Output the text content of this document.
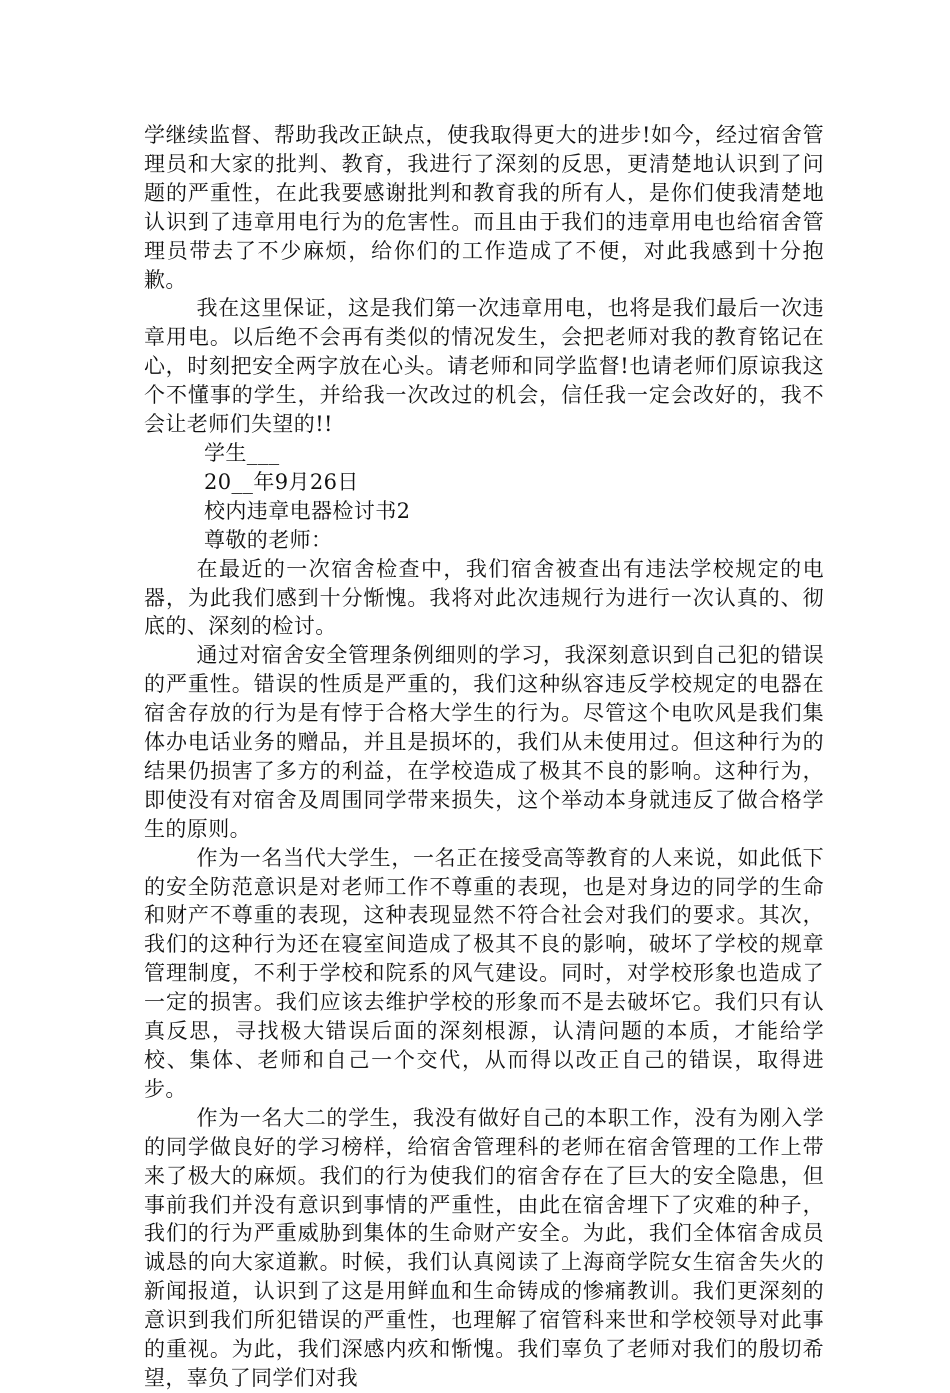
学继续监督、帮助我改正缺点，使我取得更大的进步!如今，经过宿舍管理员和大家的批判、教育，我进行了深刻的反思，更清楚地认识到了问题的严重性，在此我要感谢批判和教育我的所有人，是你们使我清楚地认识到了违章用电行为的危害性。而且由于我们的违章用电也给宿舍管理员带去了不少麻烦，给你们的工作造成了不便，对此我感到十分抱歉。

我在这里保证，这是我们第一次违章用电，也将是我们最后一次违章用电。以后绝不会再有类似的情况发生，会把老师对我的教育铭记在心，时刻把安全两字放在心头。请老师和同学监督!也请老师们原谅我这个不懂事的学生，并给我一次改过的机会，信任我一定会改好的，我不会让老师们失望的!!

学生___

20__年9月26日

校内违章电器检讨书2

尊敬的老师：

在最近的一次宿舍检查中，我们宿舍被查出有违法学校规定的电器，为此我们感到十分惭愧。我将对此次违规行为进行一次认真的、彻底的、深刻的检讨。

通过对宿舍安全管理条例细则的学习，我深刻意识到自己犯的错误的严重性。错误的性质是严重的，我们这种纵容违反学校规定的电器在宿舍存放的行为是有悖于合格大学生的行为。尽管这个电吹风是我们集体办电话业务的赠品，并且是损坏的，我们从未使用过。但这种行为的结果仍损害了多方的利益，在学校造成了极其不良的影响。这种行为，即使没有对宿舍及周围同学带来损失，这个举动本身就违反了做合格学生的原则。

作为一名当代大学生，一名正在接受高等教育的人来说，如此低下的安全防范意识是对老师工作不尊重的表现，也是对身边的同学的生命和财产不尊重的表现，这种表现显然不符合社会对我们的要求。其次，我们的这种行为还在寝室间造成了极其不良的影响，破坏了学校的规章管理制度，不利于学校和院系的风气建设。同时，对学校形象也造成了一定的损害。我们应该去维护学校的形象而不是去破坏它。我们只有认真反思，寻找极大错误后面的深刻根源，认清问题的本质，才能给学校、集体、老师和自己一个交代，从而得以改正自己的错误，取得进步。

作为一名大二的学生，我没有做好自己的本职工作，没有为刚入学的同学做良好的学习榜样，给宿舍管理科的老师在宿舍管理的工作上带来了极大的麻烦。我们的行为使我们的宿舍存在了巨大的安全隐患，但事前我们并没有意识到事情的严重性，由此在宿舍埋下了灾难的种子，我们的行为严重威胁到集体的生命财产安全。为此，我们全体宿舍成员诚恳的向大家道歉。时候，我们认真阅读了上海商学院女生宿舍失火的新闻报道，认识到了这是用鲜血和生命铸成的惨痛教训。我们更深刻的意识到我们所犯错误的严重性，也理解了宿管科来世和学校领导对此事的重视。为此，我们深感内疚和惭愧。我们辜负了老师对我们的殷切希望，辜负了同学们对我
